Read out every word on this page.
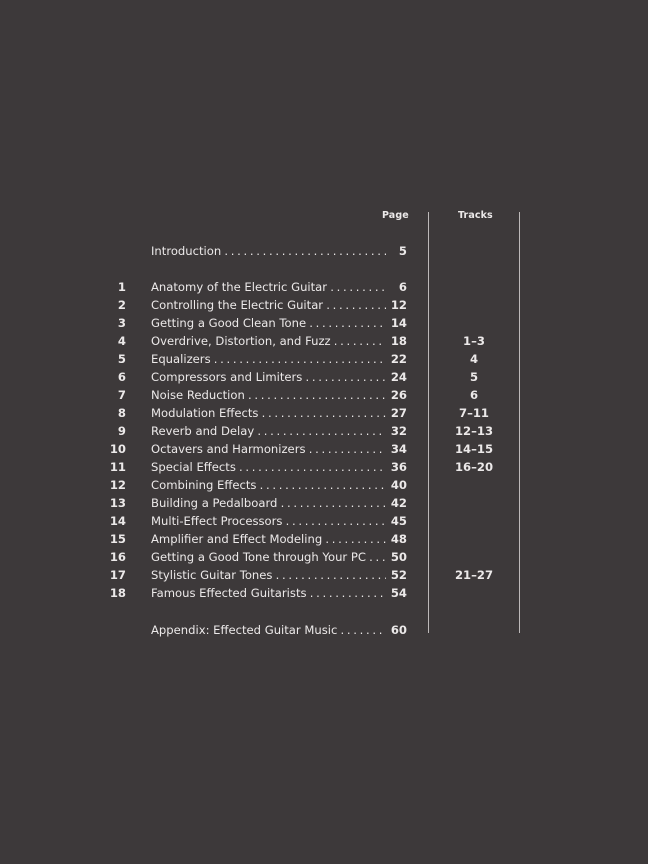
Page	Tracks
Introduction . . .	5
1 Anatomy of the Electric Guitar . . .	6
2 Controlling the Electric Guitar . . .	12
3 Getting a Good Clean Tone . . .	14
4 Overdrive, Distortion, and Fuzz . . .	18	1–3
5 Equalizers . . .	22	4
6 Compressors and Limiters . . .	24	5
7 Noise Reduction . . .	26	6
8 Modulation Effects . . .	27	7–11
9 Reverb and Delay . . .	32	12–13
10 Octavers and Harmonizers . . .	34	14–15
11 Special Effects . . .	36	16–20
12 Combining Effects . . .	40
13 Building a Pedalboard . . .	42
14 Multi-Effect Processors . . .	45
15 Amplifier and Effect Modeling . . .	48
16 Getting a Good Tone through Your PC . . .	50
17 Stylistic Guitar Tones . . .	52	21–27
18 Famous Effected Guitarists . . .	54
Appendix: Effected Guitar Music . . .	60
